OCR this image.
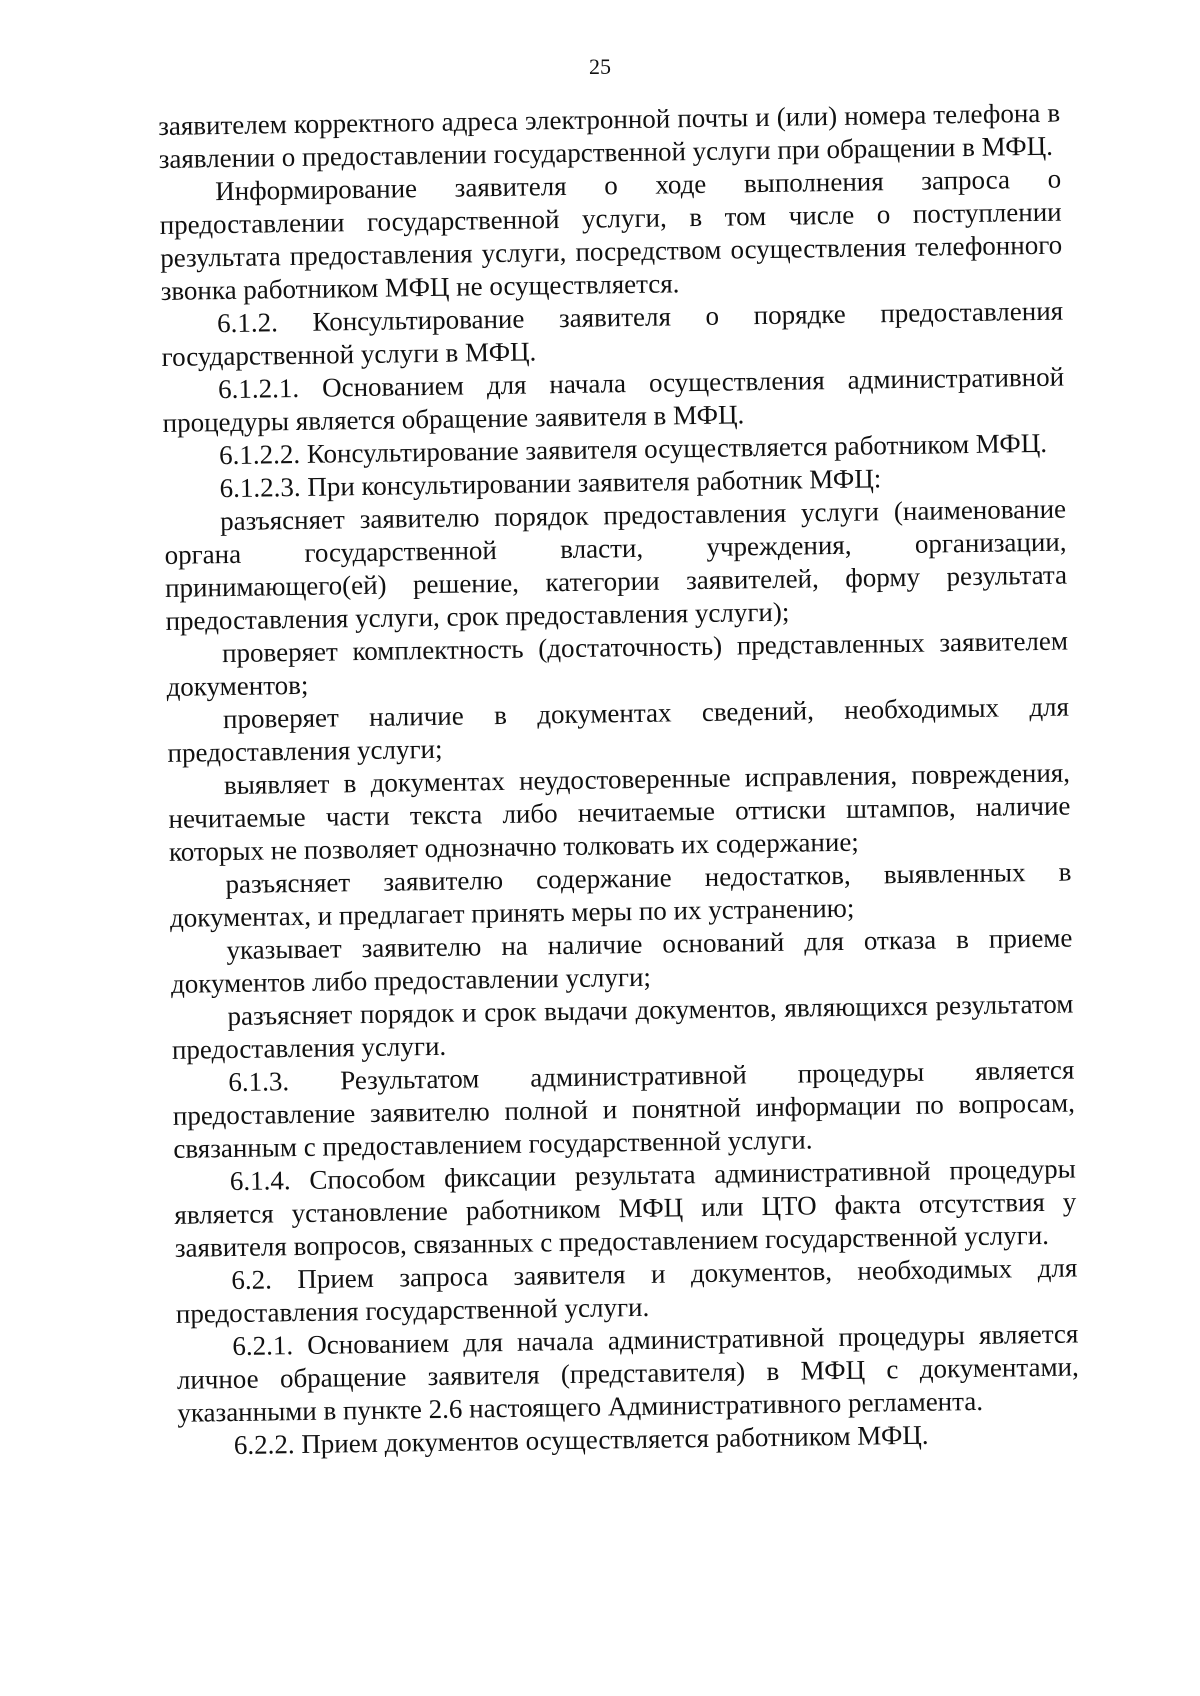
25

заявителем корректного адреса электронной почты и (или) номера телефона в заявлении о предоставлении государственной услуги при обращении в МФЦ.

Информирование заявителя о ходе выполнения запроса о предоставлении государственной услуги, в том числе о поступлении результата предоставления услуги, посредством осуществления телефонного звонка работником МФЦ не осуществляется.

6.1.2. Консультирование заявителя о порядке предоставления государственной услуги в МФЦ.

6.1.2.1. Основанием для начала осуществления административной процедуры является обращение заявителя в МФЦ.

6.1.2.2. Консультирование заявителя осуществляется работником МФЦ.

6.1.2.3. При консультировании заявителя работник МФЦ:

разъясняет заявителю порядок предоставления услуги (наименование органа государственной власти, учреждения, организации, принимающего(ей) решение, категории заявителей, форму результата предоставления услуги, срок предоставления услуги);

проверяет комплектность (достаточность) представленных заявителем документов;

проверяет наличие в документах сведений, необходимых для предоставления услуги;

выявляет в документах неудостоверенные исправления, повреждения, нечитаемые части текста либо нечитаемые оттиски штампов, наличие которых не позволяет однозначно толковать их содержание;

разъясняет заявителю содержание недостатков, выявленных в документах, и предлагает принять меры по их устранению;

указывает заявителю на наличие оснований для отказа в приеме документов либо предоставлении услуги;

разъясняет порядок и срок выдачи документов, являющихся результатом предоставления услуги.

6.1.3. Результатом административной процедуры является предоставление заявителю полной и понятной информации по вопросам, связанным с предоставлением государственной услуги.

6.1.4. Способом фиксации результата административной процедуры является установление работником МФЦ или ЦТО факта отсутствия у заявителя вопросов, связанных с предоставлением государственной услуги.

6.2. Прием запроса заявителя и документов, необходимых для предоставления государственной услуги.

6.2.1. Основанием для начала административной процедуры является личное обращение заявителя (представителя) в МФЦ с документами, указанными в пункте 2.6 настоящего Административного регламента.

6.2.2. Прием документов осуществляется работником МФЦ.
